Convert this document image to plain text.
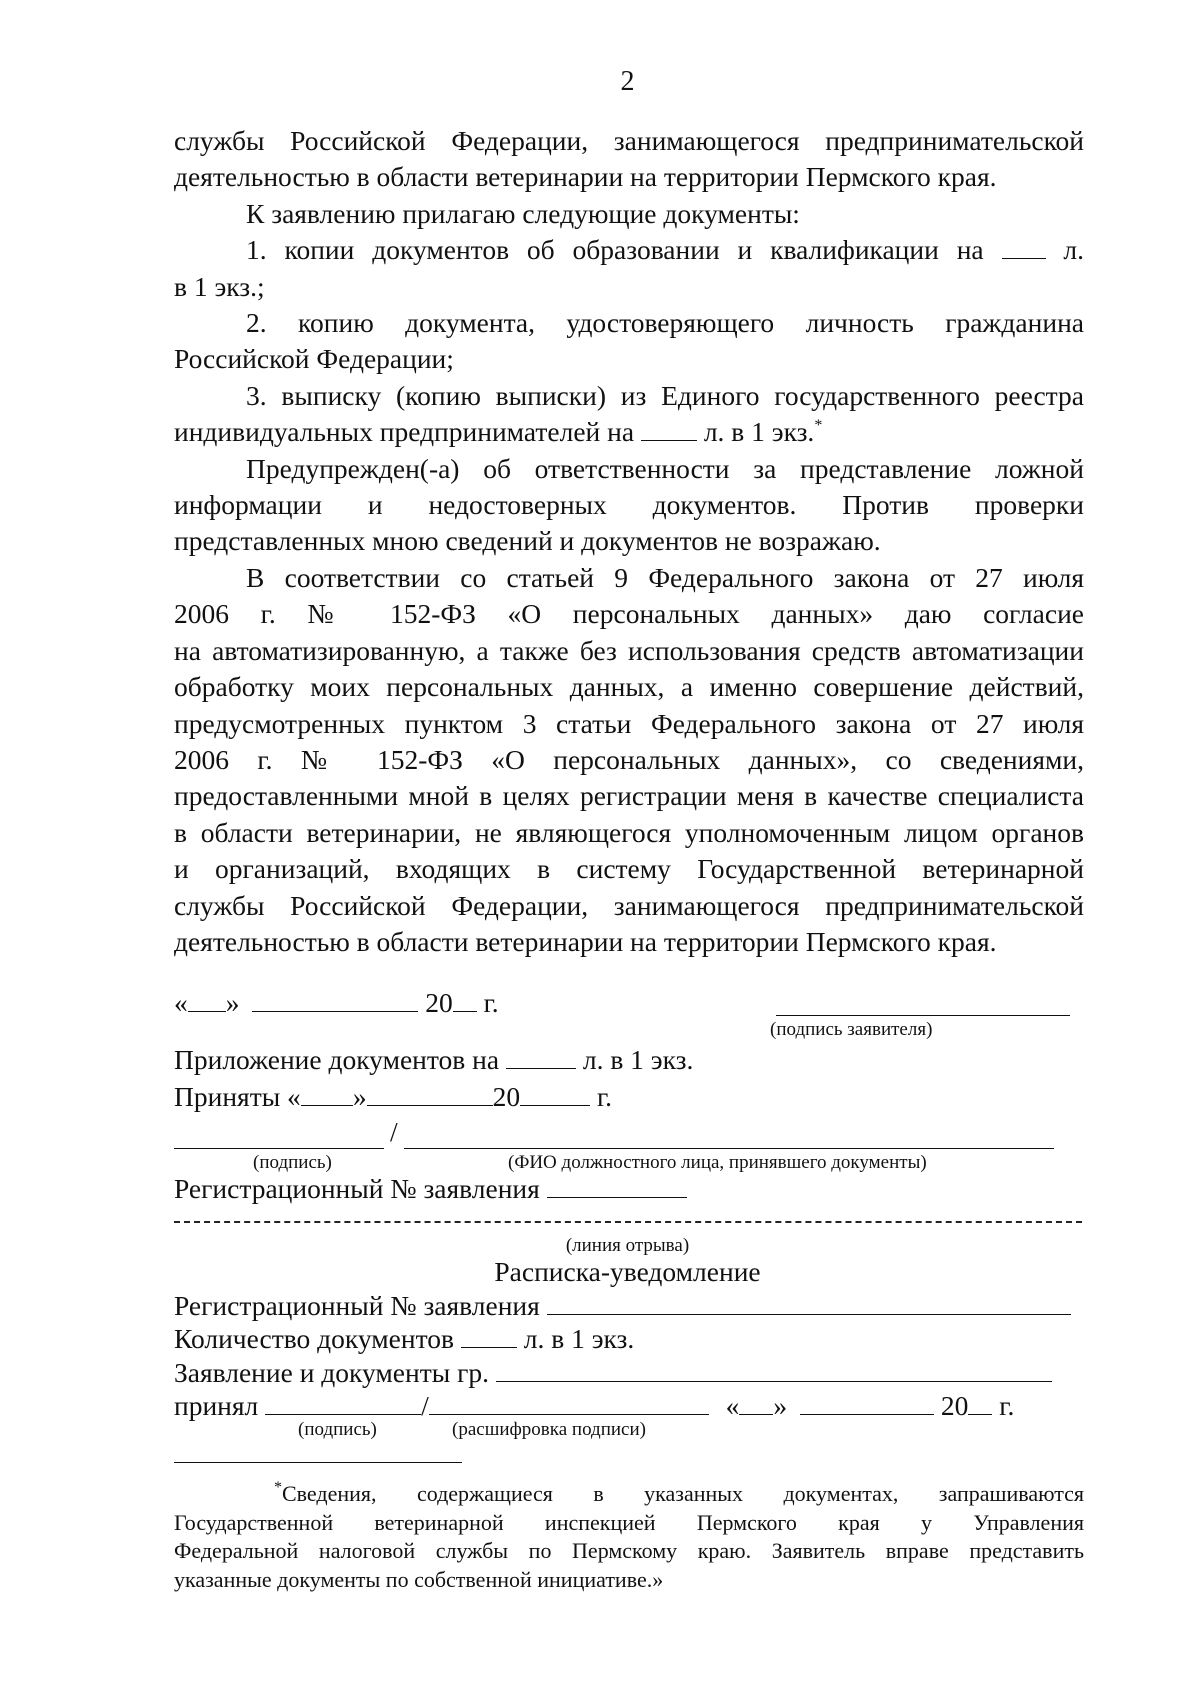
2

службы Российской Федерации, занимающегося предпринимательской

деятельностью в области ветеринарии на территории Пермского края.

К заявлению прилагаю следующие документы:

1. копии документов об образовании и квалификации на	л.

в 1 экз.;

2. копию документа, удостоверяющего личность гражданина

Российской Федерации;

3. выписку (копию выписки) из Единого государственного реестра

индивидуальных предпринимателей на	л. в 1 экз.*

Предупрежден(-а) об ответственности за представление ложной

информации и недостоверных документов. Против проверки

представленных мною сведений и документов не возражаю.

В соответствии со статьей 9 Федерального закона от 27 июля

2006 г. № 152-ФЗ «О персональных данных» даю согласие

на автоматизированную, а также без использования средств автоматизации

обработку моих персональных данных, а именно совершение действий,

предусмотренных пунктом 3 статьи Федерального закона от 27 июля

2006 г. № 152-ФЗ «О персональных данных», со сведениями,

предоставленными мной в целях регистрации меня в качестве специалиста

в области ветеринарии, не являющегося уполномоченным лицом органов

и организаций, входящих в систему Государственной ветеринарной

службы Российской Федерации, занимающегося предпринимательской

деятельностью в области ветеринарии на территории Пермского края.

« »	20 г.
(подпись заявителя)
Приложение документов на	л. в 1 экз.
Приняты « »	20	г.
/
(подпись)	(ФИО должностного лица, принявшего документы)
Регистрационный № заявления
(линия отрыва)
Расписка-уведомление
Регистрационный № заявления
Количество документов	л. в 1 экз.
Заявление и документы гр.
принял	/	« »	20 г.
(подпись)	(расшифровка подписи)

*Сведения, содержащиеся в указанных документах, запрашиваются

Государственной ветеринарной инспекцией Пермского края у Управления

Федеральной налоговой службы по Пермскому краю. Заявитель вправе представить

указанные документы по собственной инициативе.»
